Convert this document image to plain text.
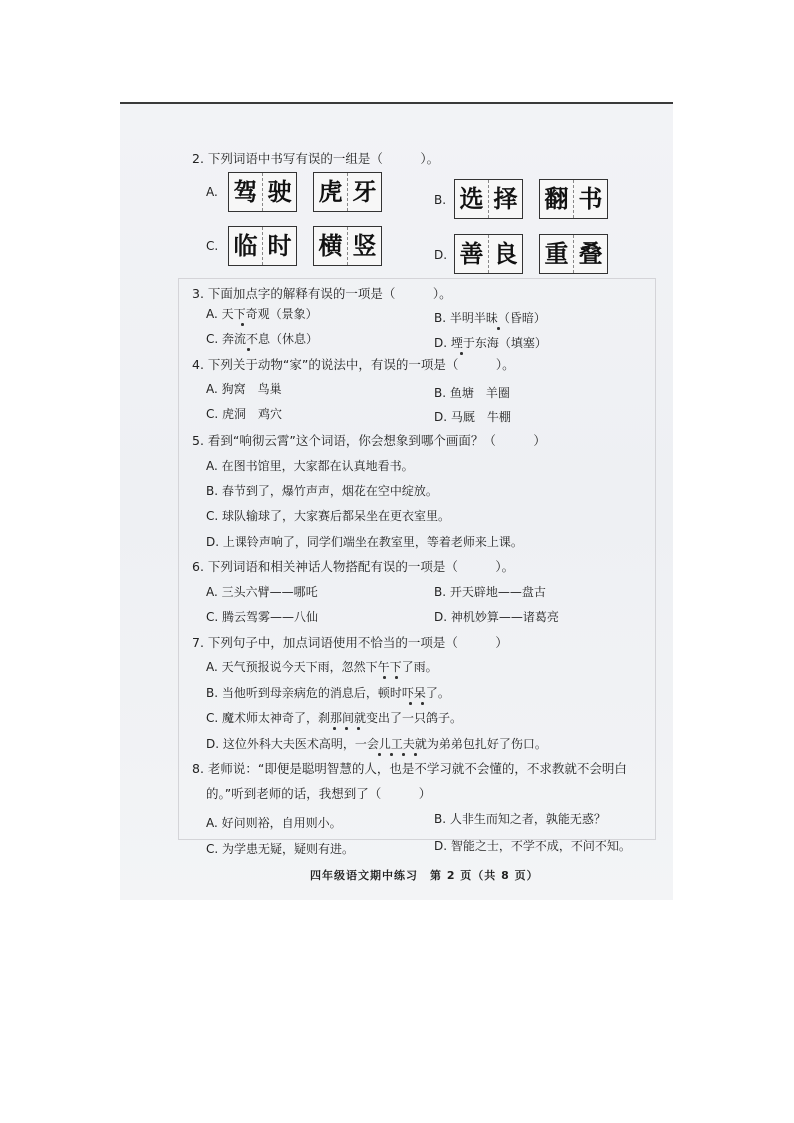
2. 下列词语中书写有误的一组是（　　　）。
A. 驾 驶 虎 牙	B. 选 择 翻 书
C. 临 时 横 竖	D. 善 良 重 叠
3. 下面加点字的解释有误的一项是（　　　）。
A. 天下奇观（景象）	B. 半明半昧（昏暗）
C. 奔流不息（休息）	D. 堙于东海（填塞）
4. 下列关于动物“家”的说法中，有误的一项是（　　　）。
A. 狗窝　鸟巢	B. 鱼塘　羊圈
C. 虎洞　鸡穴	D. 马厩　牛棚
5. 看到“响彻云霄”这个词语，你会想象到哪个画面？（　　　）
A. 在图书馆里，大家都在认真地看书。
B. 春节到了，爆竹声声，烟花在空中绽放。
C. 球队输球了，大家赛后都呆坐在更衣室里。
D. 上课铃声响了，同学们端坐在教室里，等着老师来上课。
6. 下列词语和相关神话人物搭配有误的一项是（　　　）。
A. 三头六臂——哪吒	B. 开天辟地——盘古
C. 腾云驾雾——八仙	D. 神机妙算——诸葛亮
7. 下列句子中，加点词语使用不恰当的一项是（　　　）
A. 天气预报说今天下雨，忽然下午下了雨。
B. 当他听到母亲病危的消息后，顿时吓呆了。
C. 魔术师太神奇了，刹那间就变出了一只鸽子。
D. 这位外科大夫医术高明，一会儿工夫就为弟弟包扎好了伤口。
8. 老师说：“即便是聪明智慧的人，也是不学习就不会懂的，不求教就不会明白
的。”听到老师的话，我想到了（　　　）
A. 好问则裕，自用则小。	B. 人非生而知之者，孰能无惑？
C. 为学患无疑，疑则有进。	D. 智能之士，不学不成，不问不知。
四年级语文期中练习　第 2 页（共 8 页）
